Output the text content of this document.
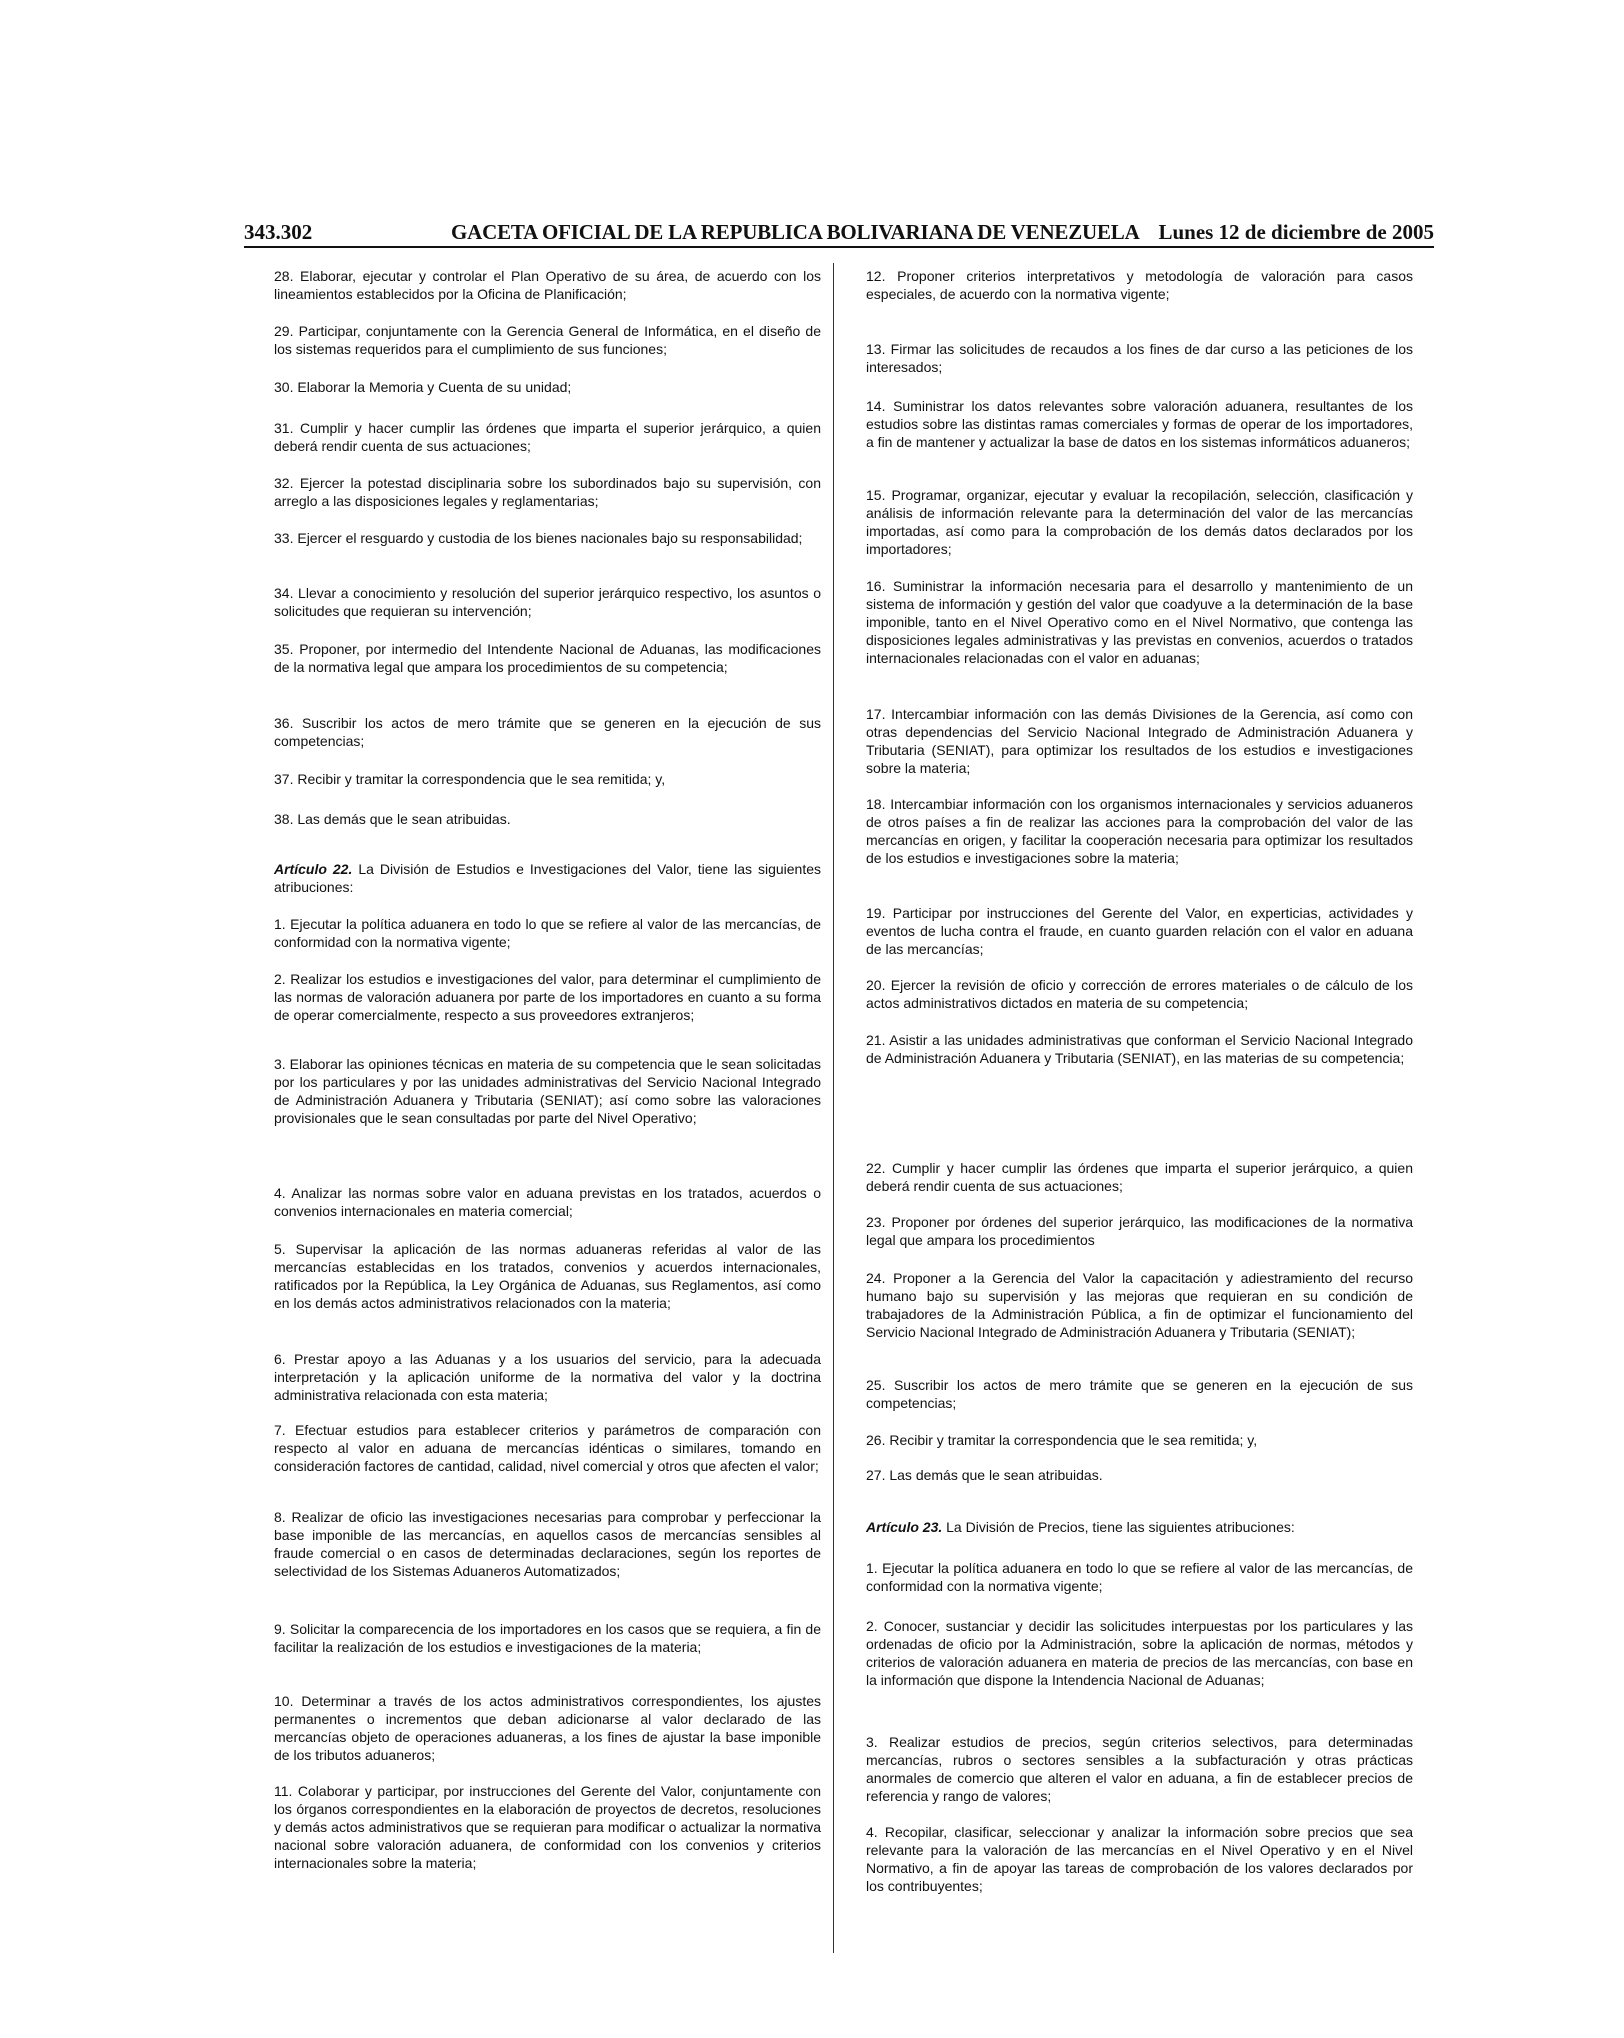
343.302	GACETA OFICIAL DE LA REPUBLICA BOLIVARIANA DE VENEZUELA Lunes 12 de diciembre de 2005

28. Elaborar, ejecutar y controlar el Plan Operativo de su área, de acuerdo con los lineamientos establecidos por la Oficina de Planificación;

29. Participar, conjuntamente con la Gerencia General de Informática, en el diseño de los sistemas requeridos para el cumplimiento de sus funciones;

30. Elaborar la Memoria y Cuenta de su unidad;

31. Cumplir y hacer cumplir las órdenes que imparta el superior jerárquico, a quien deberá rendir cuenta de sus actuaciones;

32. Ejercer la potestad disciplinaria sobre los subordinados bajo su supervisión, con arreglo a las disposiciones legales y reglamentarias;

33. Ejercer el resguardo y custodia de los bienes nacionales bajo su responsabilidad;

34. Llevar a conocimiento y resolución del superior jerárquico respectivo, los asuntos o solicitudes que requieran su intervención;

35. Proponer, por intermedio del Intendente Nacional de Aduanas, las modificaciones de la normativa legal que ampara los procedimientos de su competencia;

36. Suscribir los actos de mero trámite que se generen en la ejecución de sus competencias;

37. Recibir y tramitar la correspondencia que le sea remitida; y,

38. Las demás que le sean atribuidas.

Artículo 22. La División de Estudios e Investigaciones del Valor, tiene las siguientes atribuciones:

1. Ejecutar la política aduanera en todo lo que se refiere al valor de las mercancías, de conformidad con la normativa vigente;

2. Realizar los estudios e investigaciones del valor, para determinar el cumplimiento de las normas de valoración aduanera por parte de los importadores en cuanto a su forma de operar comercialmente, respecto a sus proveedores extranjeros;

3. Elaborar las opiniones técnicas en materia de su competencia que le sean solicitadas por los particulares y por las unidades administrativas del Servicio Nacional Integrado de Administración Aduanera y Tributaria (SENIAT); así como sobre las valoraciones provisionales que le sean consultadas por parte del Nivel Operativo;

4. Analizar las normas sobre valor en aduana previstas en los tratados, acuerdos o convenios internacionales en materia comercial;

5. Supervisar la aplicación de las normas aduaneras referidas al valor de las mercancías establecidas en los tratados, convenios y acuerdos internacionales, ratificados por la República, la Ley Orgánica de Aduanas, sus Reglamentos, así como en los demás actos administrativos relacionados con la materia;

6. Prestar apoyo a las Aduanas y a los usuarios del servicio, para la adecuada interpretación y la aplicación uniforme de la normativa del valor y la doctrina administrativa relacionada con esta materia;

7. Efectuar estudios para establecer criterios y parámetros de comparación con respecto al valor en aduana de mercancías idénticas o similares, tomando en consideración factores de cantidad, calidad, nivel comercial y otros que afecten el valor;

8. Realizar de oficio las investigaciones necesarias para comprobar y perfeccionar la base imponible de las mercancías, en aquellos casos de mercancías sensibles al fraude comercial o en casos de determinadas declaraciones, según los reportes de selectividad de los Sistemas Aduaneros Automatizados;

9. Solicitar la comparecencia de los importadores en los casos que se requiera, a fin de facilitar la realización de los estudios e investigaciones de la materia;

10. Determinar a través de los actos administrativos correspondientes, los ajustes permanentes o incrementos que deban adicionarse al valor declarado de las mercancías objeto de operaciones aduaneras, a los fines de ajustar la base imponible de los tributos aduaneros;

11. Colaborar y participar, por instrucciones del Gerente del Valor, conjuntamente con los órganos correspondientes en la elaboración de proyectos de decretos, resoluciones y demás actos administrativos que se requieran para modificar o actualizar la normativa nacional sobre valoración aduanera, de conformidad con los convenios y criterios internacionales sobre la materia;

12. Proponer criterios interpretativos y metodología de valoración para casos especiales, de acuerdo con la normativa vigente;

13. Firmar las solicitudes de recaudos a los fines de dar curso a las peticiones de los interesados;

14. Suministrar los datos relevantes sobre valoración aduanera, resultantes de los estudios sobre las distintas ramas comerciales y formas de operar de los importadores, a fin de mantener y actualizar la base de datos en los sistemas informáticos aduaneros;

15. Programar, organizar, ejecutar y evaluar la recopilación, selección, clasificación y análisis de información relevante para la determinación del valor de las mercancías importadas, así como para la comprobación de los demás datos declarados por los importadores;

16. Suministrar la información necesaria para el desarrollo y mantenimiento de un sistema de información y gestión del valor que coadyuve a la determinación de la base imponible, tanto en el Nivel Operativo como en el Nivel Normativo, que contenga las disposiciones legales administrativas y las previstas en convenios, acuerdos o tratados internacionales relacionadas con el valor en aduanas;

17. Intercambiar información con las demás Divisiones de la Gerencia, así como con otras dependencias del Servicio Nacional Integrado de Administración Aduanera y Tributaria (SENIAT), para optimizar los resultados de los estudios e investigaciones sobre la materia;

18. Intercambiar información con los organismos internacionales y servicios aduaneros de otros países a fin de realizar las acciones para la comprobación del valor de las mercancías en origen, y facilitar la cooperación necesaria para optimizar los resultados de los estudios e investigaciones sobre la materia;

19. Participar por instrucciones del Gerente del Valor, en experticias, actividades y eventos de lucha contra el fraude, en cuanto guarden relación con el valor en aduana de las mercancías;

20. Ejercer la revisión de oficio y corrección de errores materiales o de cálculo de los actos administrativos dictados en materia de su competencia;

21. Asistir a las unidades administrativas que conforman el Servicio Nacional Integrado de Administración Aduanera y Tributaria (SENIAT), en las materias de su competencia;

22. Cumplir y hacer cumplir las órdenes que imparta el superior jerárquico, a quien deberá rendir cuenta de sus actuaciones;

23. Proponer por órdenes del superior jerárquico, las modificaciones de la normativa legal que ampara los procedimientos

24. Proponer a la Gerencia del Valor la capacitación y adiestramiento del recurso humano bajo su supervisión y las mejoras que requieran en su condición de trabajadores de la Administración Pública, a fin de optimizar el funcionamiento del Servicio Nacional Integrado de Administración Aduanera y Tributaria (SENIAT);

25. Suscribir los actos de mero trámite que se generen en la ejecución de sus competencias;

26. Recibir y tramitar la correspondencia que le sea remitida; y,

27. Las demás que le sean atribuidas.

Artículo 23. La División de Precios, tiene las siguientes atribuciones:

1. Ejecutar la política aduanera en todo lo que se refiere al valor de las mercancías, de conformidad con la normativa vigente;

2. Conocer, sustanciar y decidir las solicitudes interpuestas por los particulares y las ordenadas de oficio por la Administración, sobre la aplicación de normas, métodos y criterios de valoración aduanera en materia de precios de las mercancías, con base en la información que dispone la Intendencia Nacional de Aduanas;

3. Realizar estudios de precios, según criterios selectivos, para determinadas mercancías, rubros o sectores sensibles a la subfacturación y otras prácticas anormales de comercio que alteren el valor en aduana, a fin de establecer precios de referencia y rango de valores;

4. Recopilar, clasificar, seleccionar y analizar la información sobre precios que sea relevante para la valoración de las mercancías en el Nivel Operativo y en el Nivel Normativo, a fin de apoyar las tareas de comprobación de los valores declarados por los contribuyentes;
